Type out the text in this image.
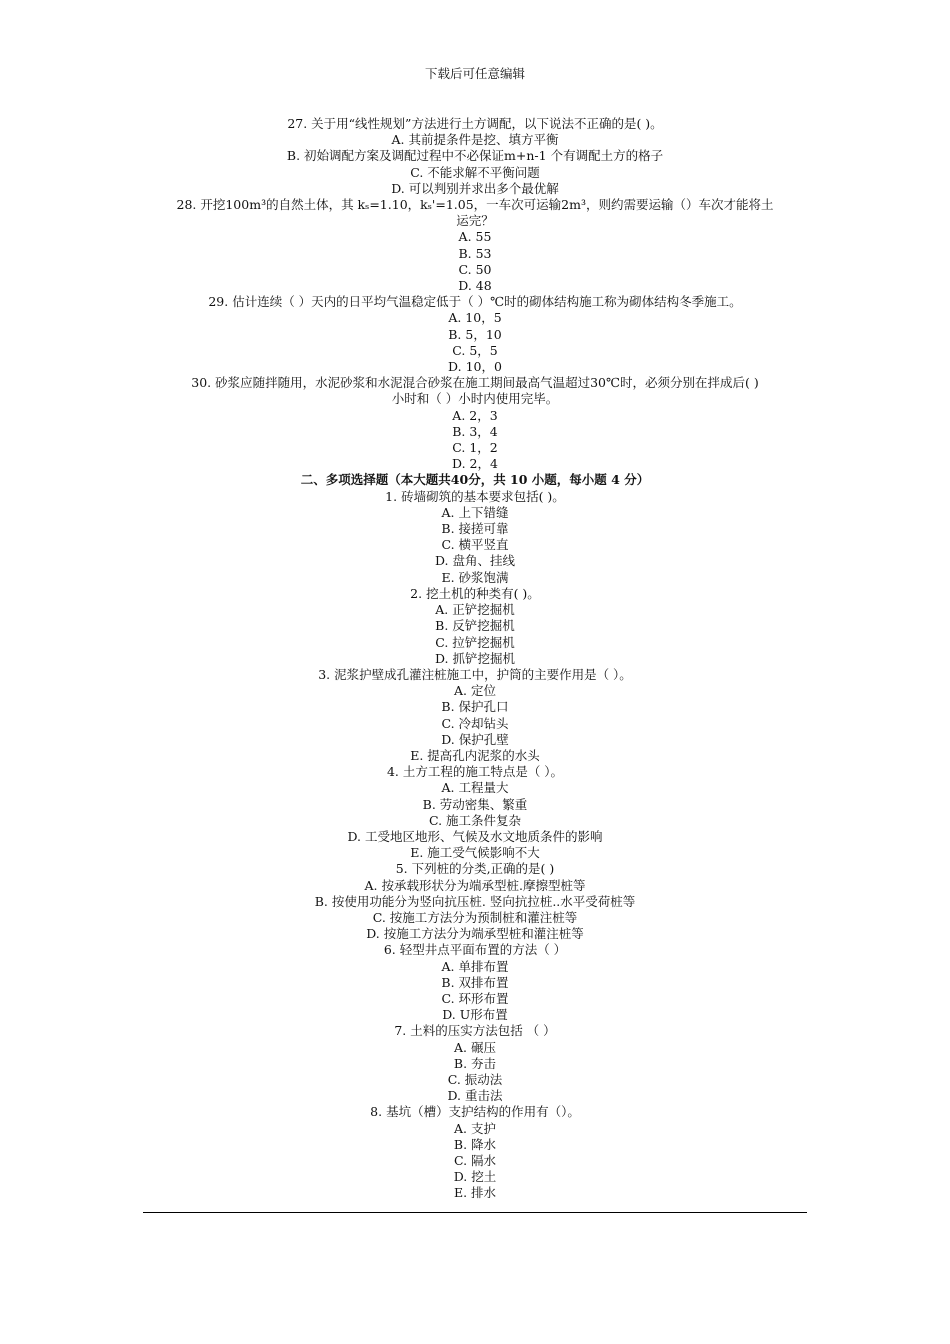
下载后可任意编辑
27. 关于用“线性规划”方法进行土方调配，以下说法不正确的是( )。
A. 其前提条件是挖、填方平衡
B. 初始调配方案及调配过程中不必保证m+n-1 个有调配土方的格子
C. 不能求解不平衡问题
D. 可以判别并求出多个最优解
28. 开挖100m³的自然土体，其 kₛ=1.10，kₛ'=1.05，一车次可运输2m³，则约需要运输（）车次才能将土
运完？
A. 55
B. 53
C. 50
D. 48
29. 估计连续（ ）天内的日平均气温稳定低于（ ）℃时的砌体结构施工称为砌体结构冬季施工。
A. 10，5
B. 5，10
C. 5，5
D. 10，0
30. 砂浆应随拌随用，水泥砂浆和水泥混合砂浆在施工期间最高气温超过30℃时，必须分别在拌成后( )
小时和（ ）小时内使用完毕。
A. 2，3
B. 3，4
C. 1，2
D. 2，4
二、多项选择题（本大题共40分，共 10 小题，每小题 4 分）
1. 砖墙砌筑的基本要求包括( )。
A. 上下错缝
B. 接搓可靠
C. 横平竖直
D. 盘角、挂线
E. 砂浆饱满
2. 挖土机的种类有( )。
A. 正铲挖掘机
B. 反铲挖掘机
C. 拉铲挖掘机
D. 抓铲挖掘机
3. 泥浆护壁成孔灌注桩施工中，护筒的主要作用是（ ）。
A. 定位
B. 保护孔口
C. 冷却钻头
D. 保护孔壁
E. 提高孔内泥浆的水头
4. 土方工程的施工特点是（ ）。
A. 工程量大
B. 劳动密集、繁重
C. 施工条件复杂
D. 工受地区地形、气候及水文地质条件的影响
E. 施工受气候影响不大
5. 下列桩的分类,正确的是( )
A. 按承载形状分为端承型桩.摩擦型桩等
B. 按使用功能分为竖向抗压桩. 竖向抗拉桩..水平受荷桩等
C. 按施工方法分为预制桩和灌注桩等
D. 按施工方法分为端承型桩和灌注桩等
6. 轻型井点平面布置的方法（ ）
A. 单排布置
B. 双排布置
C. 环形布置
D. U形布置
7. 土料的压实方法包括 （ ）
A. 碾压
B. 夯击
C. 振动法
D. 重击法
8. 基坑（槽）支护结构的作用有（）。
A. 支护
B. 降水
C. 隔水
D. 挖土
E. 排水
